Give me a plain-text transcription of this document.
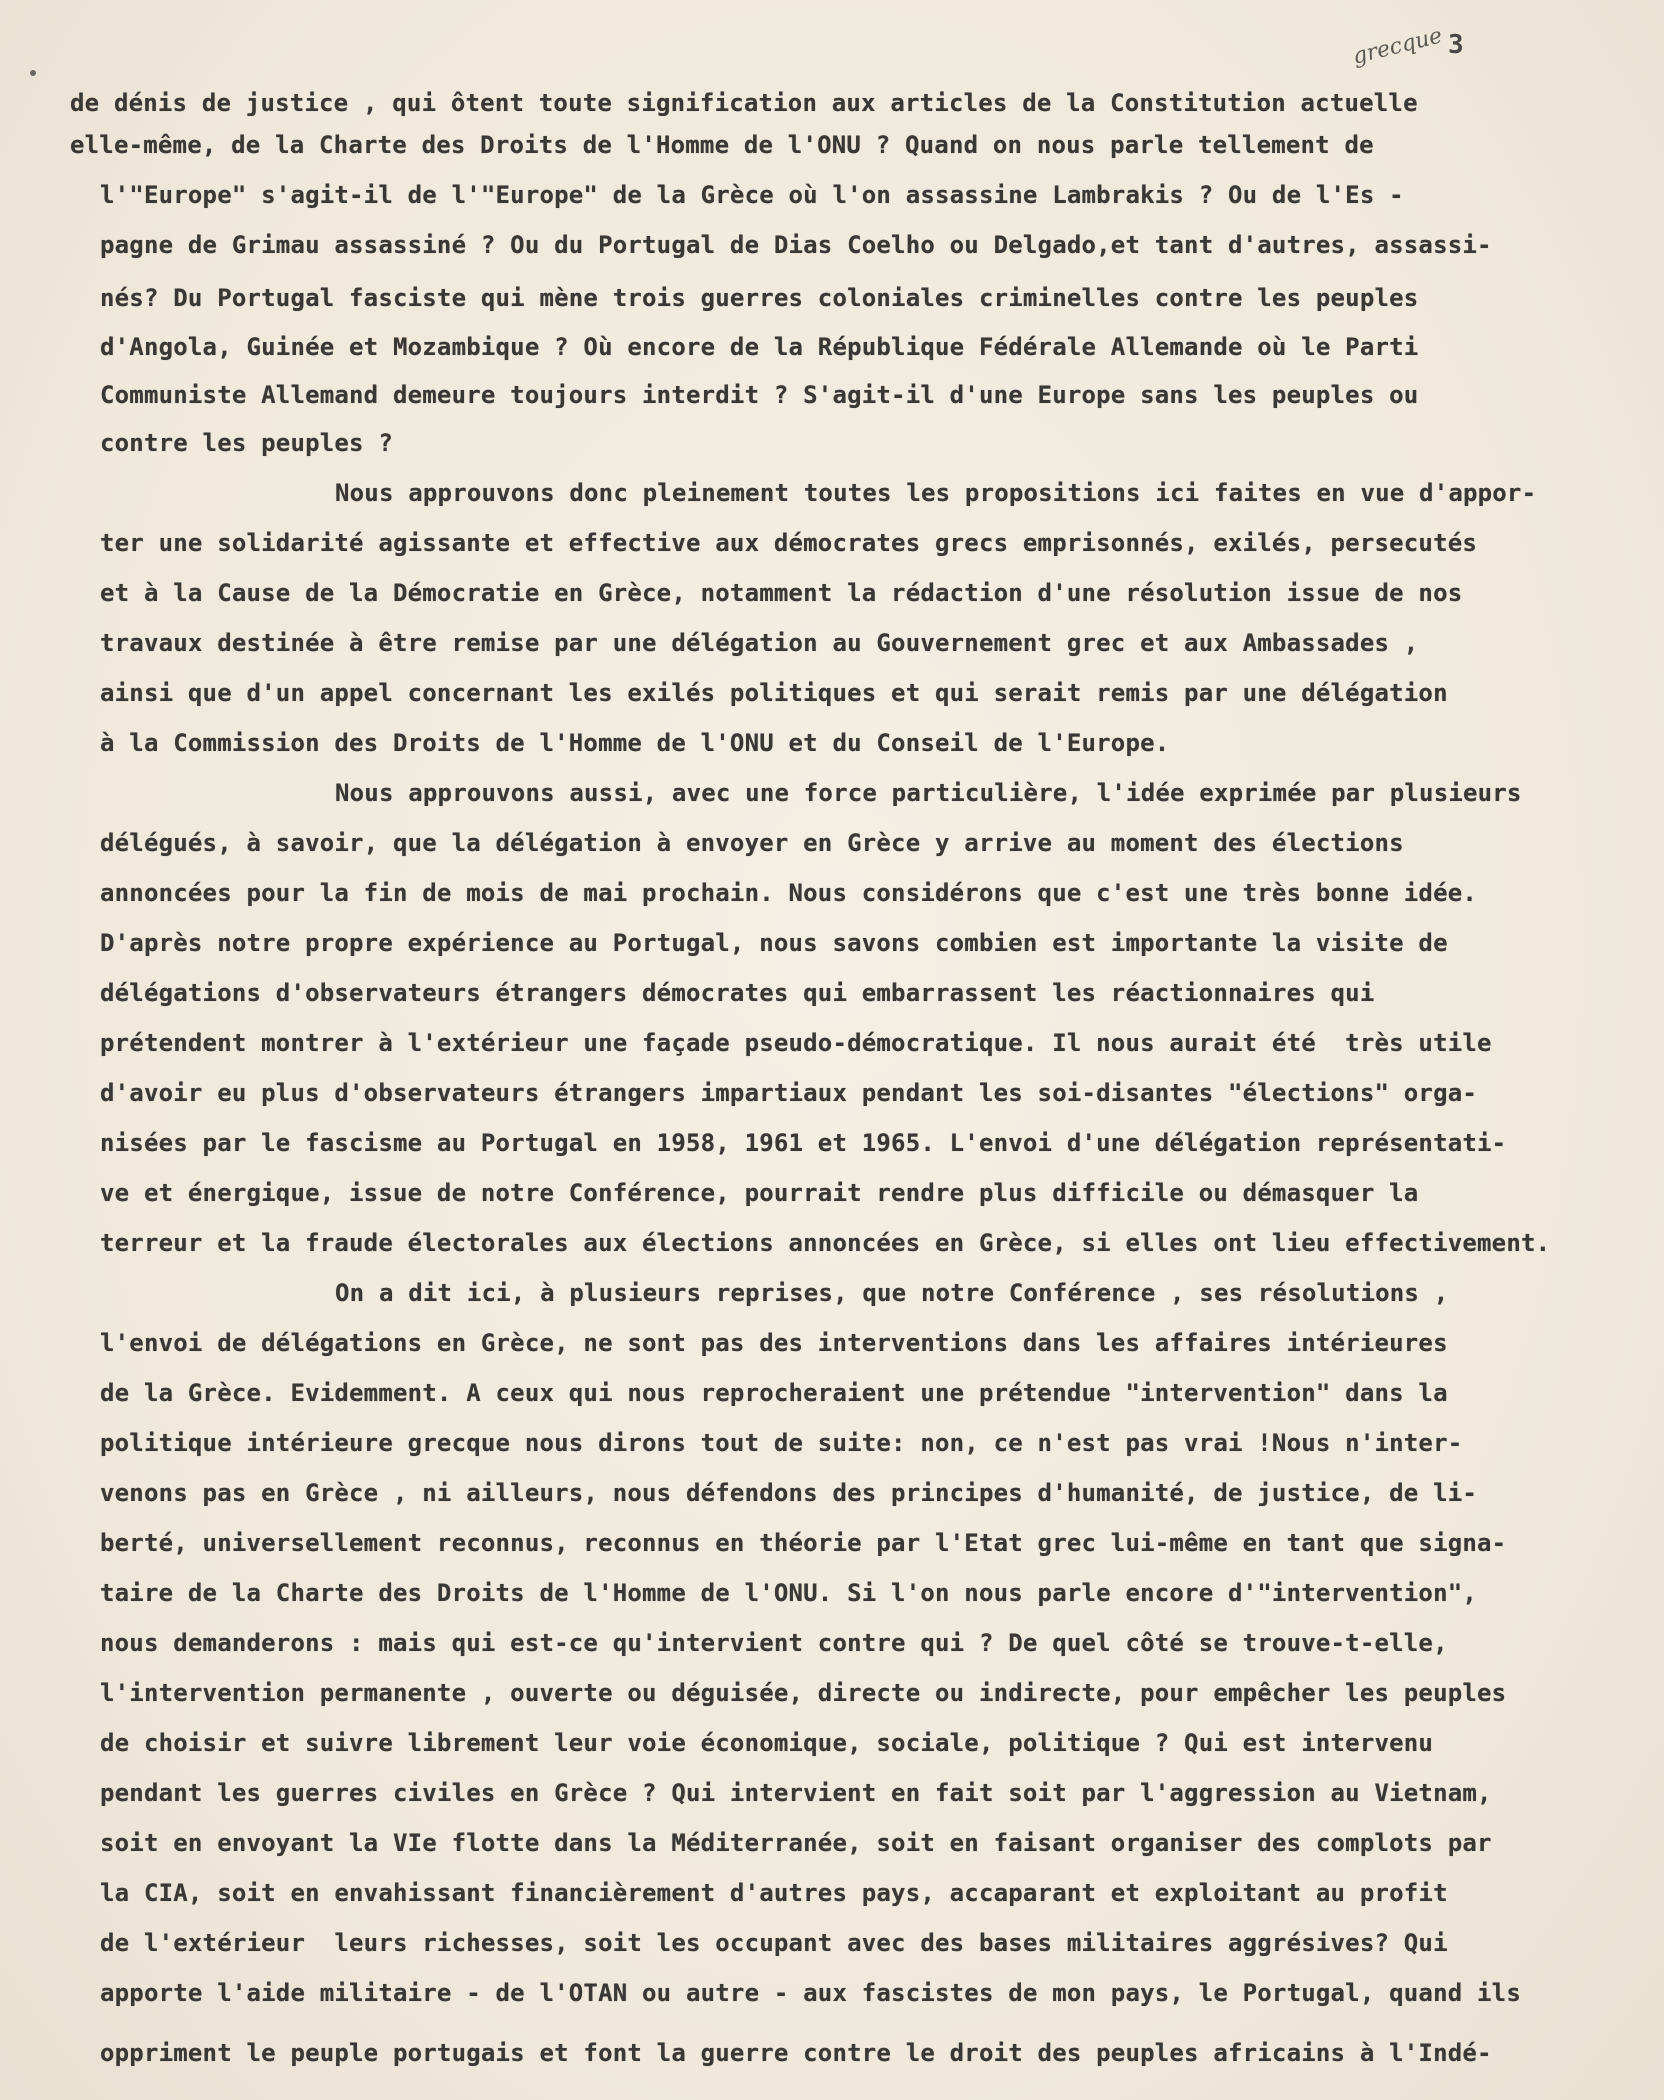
grecque 3
de dénis de justice , qui ôtent toute signification aux articles de la Constitution actuelle
elle-même, de la Charte des Droits de l'Homme de l'ONU ? Quand on nous parle tellement de
l'"Europe" s'agit-il de l'"Europe" de la Grèce où l'on assassine Lambrakis ? Ou de l'Es -
pagne de Grimau assassiné ? Ou du Portugal de Dias Coelho ou Delgado,et tant d'autres, assassi-
nés? Du Portugal fasciste qui mène trois guerres coloniales criminelles contre les peuples
d'Angola, Guinée et Mozambique ? Où encore de la République Fédérale Allemande où le Parti
Communiste Allemand demeure toujours interdit ? S'agit-il d'une Europe sans les peuples ou
contre les peuples ?
Nous approuvons donc pleinement toutes les propositions ici faites en vue d'appor-
ter une solidarité agissante et effective aux démocrates grecs emprisonnés, exilés, persecutés
et à la Cause de la Démocratie en Grèce, notamment la rédaction d'une résolution issue de nos
travaux destinée à être remise par une délégation au Gouvernement grec et aux Ambassades ,
ainsi que d'un appel concernant les exilés politiques et qui serait remis par une délégation
à la Commission des Droits de l'Homme de l'ONU et du Conseil de l'Europe.
Nous approuvons aussi, avec une force particulière, l'idée exprimée par plusieurs
délégués, à savoir, que la délégation à envoyer en Grèce y arrive au moment des élections
annoncées pour la fin de mois de mai prochain. Nous considérons que c'est une très bonne idée.
D'après notre propre expérience au Portugal, nous savons combien est importante la visite de
délégations d'observateurs étrangers démocrates qui embarrassent les réactionnaires qui
prétendent montrer à l'extérieur une façade pseudo-démocratique. Il nous aurait été  très utile
d'avoir eu plus d'observateurs étrangers impartiaux pendant les soi-disantes "élections" orga-
nisées par le fascisme au Portugal en 1958, 1961 et 1965. L'envoi d'une délégation représentati-
ve et énergique, issue de notre Conférence, pourrait rendre plus difficile ou démasquer la
terreur et la fraude électorales aux élections annoncées en Grèce, si elles ont lieu effectivement.
On a dit ici, à plusieurs reprises, que notre Conférence , ses résolutions ,
l'envoi de délégations en Grèce, ne sont pas des interventions dans les affaires intérieures
de la Grèce. Evidemment. A ceux qui nous reprocheraient une prétendue "intervention" dans la
politique intérieure grecque nous dirons tout de suite: non, ce n'est pas vrai !Nous n'inter-
venons pas en Grèce , ni ailleurs, nous défendons des principes d'humanité, de justice, de li-
berté, universellement reconnus, reconnus en théorie par l'Etat grec lui-même en tant que signa-
taire de la Charte des Droits de l'Homme de l'ONU. Si l'on nous parle encore d'"intervention",
nous demanderons : mais qui est-ce qu'intervient contre qui ? De quel côté se trouve-t-elle,
l'intervention permanente , ouverte ou déguisée, directe ou indirecte, pour empêcher les peuples
de choisir et suivre librement leur voie économique, sociale, politique ? Qui est intervenu
pendant les guerres civiles en Grèce ? Qui intervient en fait soit par l'aggression au Vietnam,
soit en envoyant la VIe flotte dans la Méditerranée, soit en faisant organiser des complots par
la CIA, soit en envahissant financièrement d'autres pays, accaparant et exploitant au profit
de l'extérieur  leurs richesses, soit les occupant avec des bases militaires aggrésives? Qui
apporte l'aide militaire - de l'OTAN ou autre - aux fascistes de mon pays, le Portugal, quand ils
oppriment le peuple portugais et font la guerre contre le droit des peuples africains à l'Indé-
